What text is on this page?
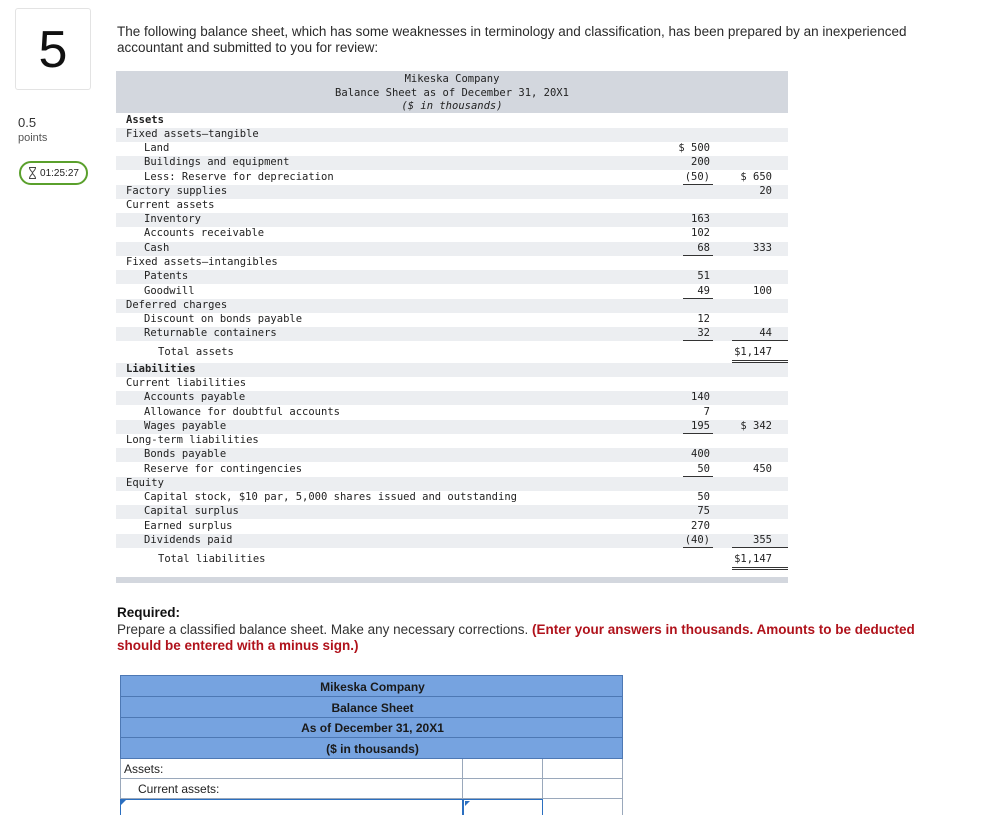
5
0.5
points
01:25:27
The following balance sheet, which has some weaknesses in terminology and classification, has been prepared by an inexperienced accountant and submitted to you for review:
Mikeska Company
Balance Sheet as of December 31, 20X1
($ in thousands)
Assets
Fixed assets—tangible
Land	$ 500
Buildings and equipment	200
Less: Reserve for depreciation	(50)	$ 650
Factory supplies	20
Current assets
Inventory	163
Accounts receivable	102
Cash	68	333
Fixed assets—intangibles
Patents	51
Goodwill	49	100
Deferred charges
Discount on bonds payable	12
Returnable containers	32	44
Total assets	$1,147
Liabilities
Current liabilities
Accounts payable	140
Allowance for doubtful accounts	7
Wages payable	195	$ 342
Long-term liabilities
Bonds payable	400
Reserve for contingencies	50	450
Equity
Capital stock, $10 par, 5,000 shares issued and outstanding	50
Capital surplus	75
Earned surplus	270
Dividends paid	(40)	355
Total liabilities	$1,147
Required:
Prepare a classified balance sheet. Make any necessary corrections. (Enter your answers in thousands. Amounts to be deducted should be entered with a minus sign.)
Mikeska Company
Balance Sheet
As of December 31, 20X1
($ in thousands)
Assets:
Current assets:
